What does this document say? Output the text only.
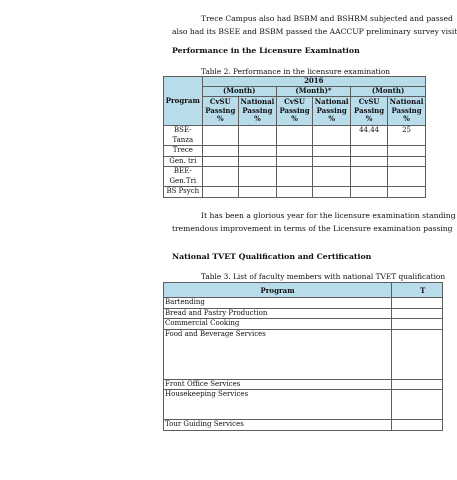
Trece Campus also had BSBM and BSHRM subjected and passed

also had its BSEE and BSBM passed the AACCUP preliminary survey visit

Performance in the Licensure Examination
Table 2. Performance in the licensure examination
Program	2016					
	(Month)		(Month)*		(Month)	
	CvSU Passing %	National Passing %	CvSU Passing %	National Passing %	CvSU Passing %	National Passing %
BSE-Tanza					44.44	25
Trece						
Gen. tri						
BEE-Gen.Tri						
BS Psych						

It has been a glorious year for the licensure examination standing

tremendous improvement in terms of the Licensure examination passing

National TVET Qualification and Certification
Table 3. List of faculty members with national TVET qualification
Program	T
Bartending	
Bread and Pastry Production	
Commercial Cooking	
Food and Beverage Services	
Front Office Services	
Housekeeping Services	
Tour Guiding Services	
